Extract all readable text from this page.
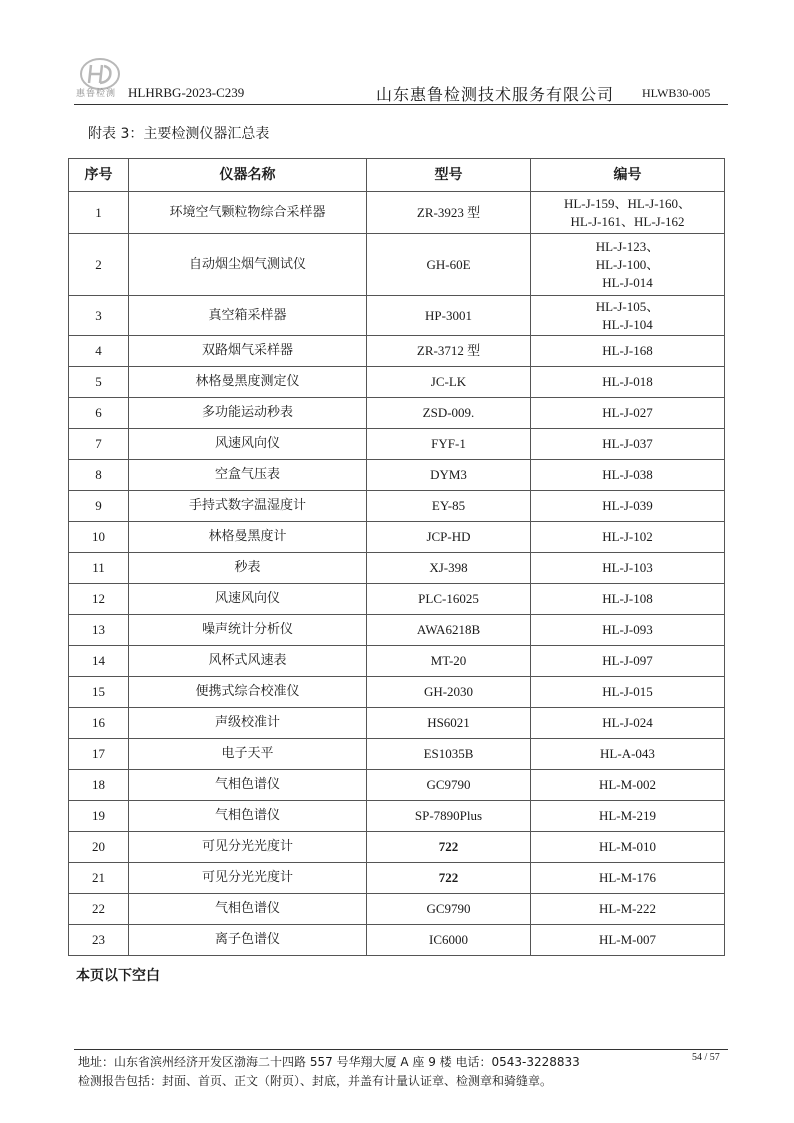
惠鲁检测 HLHRBG-2023-C239	山东惠鲁检测技术服务有限公司 HLWB30-005
附表 3：主要检测仪器汇总表
序号	仪器名称	型号	编号
1	环境空气颗粒物综合采样器	ZR-3923 型	HL-J-159、HL-J-160、
HL-J-161、HL-J-162

2	自动烟尘烟气测试仪	GH-60E	HL-J-123、
HL-J-100、
HL-J-014

3	真空箱采样器	HP-3001	HL-J-105、
HL-J-104

4	双路烟气采样器	ZR-3712 型	HL-J-168

5	林格曼黑度测定仪	JC-LK	HL-J-018

6	多功能运动秒表	ZSD-009.	HL-J-027

7	风速风向仪	FYF-1	HL-J-037

8	空盒气压表	DYM3	HL-J-038

9	手持式数字温湿度计	EY-85	HL-J-039

10	林格曼黑度计	JCP-HD	HL-J-102

11	秒表	XJ-398	HL-J-103

12	风速风向仪	PLC-16025	HL-J-108

13	噪声统计分析仪	AWA6218B	HL-J-093

14	风杯式风速表	MT-20	HL-J-097

15	便携式综合校准仪	GH-2030	HL-J-015

16	声级校准计	HS6021	HL-J-024

17	电子天平	ES1035B	HL-A-043

18	气相色谱仪	GC9790	HL-M-002

19	气相色谱仪	SP-7890Plus	HL-M-219

20	可见分光光度计	722	HL-M-010

21	可见分光光度计	722	HL-M-176

22	气相色谱仪	GC9790	HL-M-222

23	离子色谱仪	IC6000	HL-M-007
本页以下空白
地址：山东省滨州经济开发区渤海二十四路 557 号华翔大厦 A 座 9 楼 电话：0543-3228833	54 / 57
检测报告包括：封面、首页、正文（附页）、封底，并盖有计量认证章、检测章和骑缝章。
